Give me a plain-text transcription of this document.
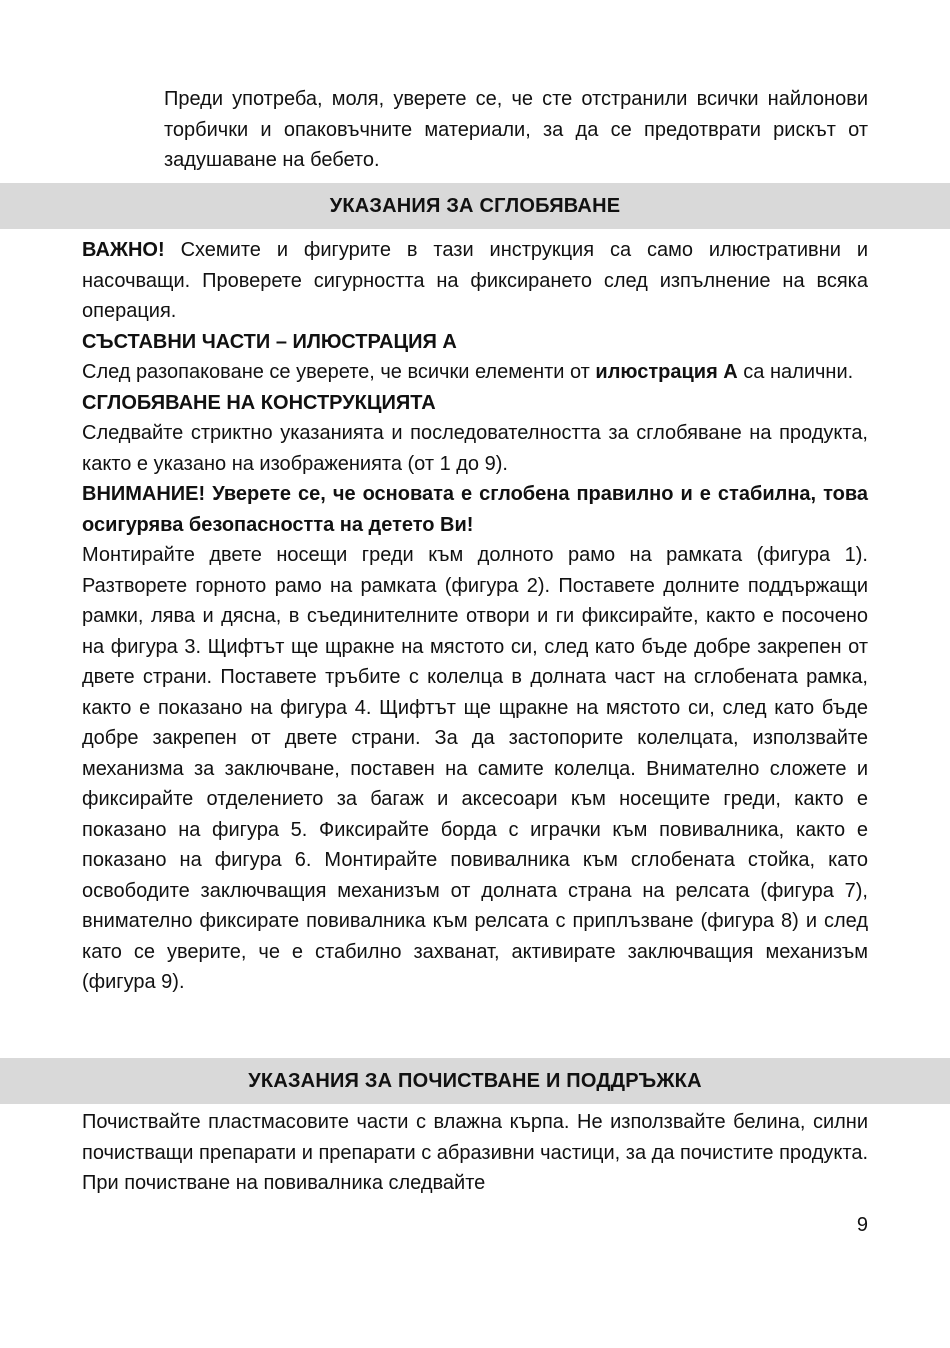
Преди употреба, моля, уверете се, че сте отстранили всички найлонови торбички и опаковъчните материали, за да се предотврати рискът от задушаване на бебето.
УКАЗАНИЯ ЗА СГЛОБЯВАНЕ

ВАЖНО! Схемите и фигурите в тази инструкция са само илюстративни и насочващи. Проверете сигурността на фиксирането след изпълнение на всяка операция.

СЪСТАВНИ ЧАСТИ – ИЛЮСТРАЦИЯ А

След разопаковане се уверете, че всички елементи от илюстрация А са налични.

СГЛОБЯВАНЕ НА КОНСТРУКЦИЯТА

Следвайте стриктно указанията и последователността за сглобяване на продукта, както е указано на изображенията (от 1 до 9).

ВНИМАНИЕ! Уверете се, че основата е сглобена правилно и е стабилна, това осигурява безопасността на детето Ви!

Монтирайте двете носещи греди към долното рамо на рамката (фигура 1). Разтворете горното рамо на рамката (фигура 2). Поставете долните поддържащи рамки, лява и дясна, в съединителните отвори и ги фиксирайте, както е посочено на фигура 3. Щифтът ще щракне на мястото си, след като бъде добре закрепен от двете страни. Поставете тръбите с колелца в долната част на сглобената рамка, както е показано на фигура 4. Щифтът ще щракне на мястото си, след като бъде добре закрепен от двете страни. За да застопорите колелцата, използвайте механизма за заключване, поставен на самите колелца. Внимателно сложете и фиксирайте отделението за багаж и аксесоари към носещите греди, както е показано на фигура 5. Фиксирайте борда с играчки към повивалника, както е показано на фигура 6. Монтирайте повивалника към сглобената стойка, като освободите заключващия механизъм от долната страна на релсата (фигура 7), внимателно фиксирате повивалника към релсата с приплъзване (фигура 8) и след като се уверите, че е стабилно захванат, активирате заключващия механизъм (фигура 9).

УКАЗАНИЯ ЗА ПОЧИСТВАНЕ И ПОДДРЪЖКА

Почиствайте пластмасовите части с влажна кърпа. Не използвайте белина, силни почистващи препарати и препарати с абразивни частици, за да почистите продукта. При почистване на повивалника следвайте

9
